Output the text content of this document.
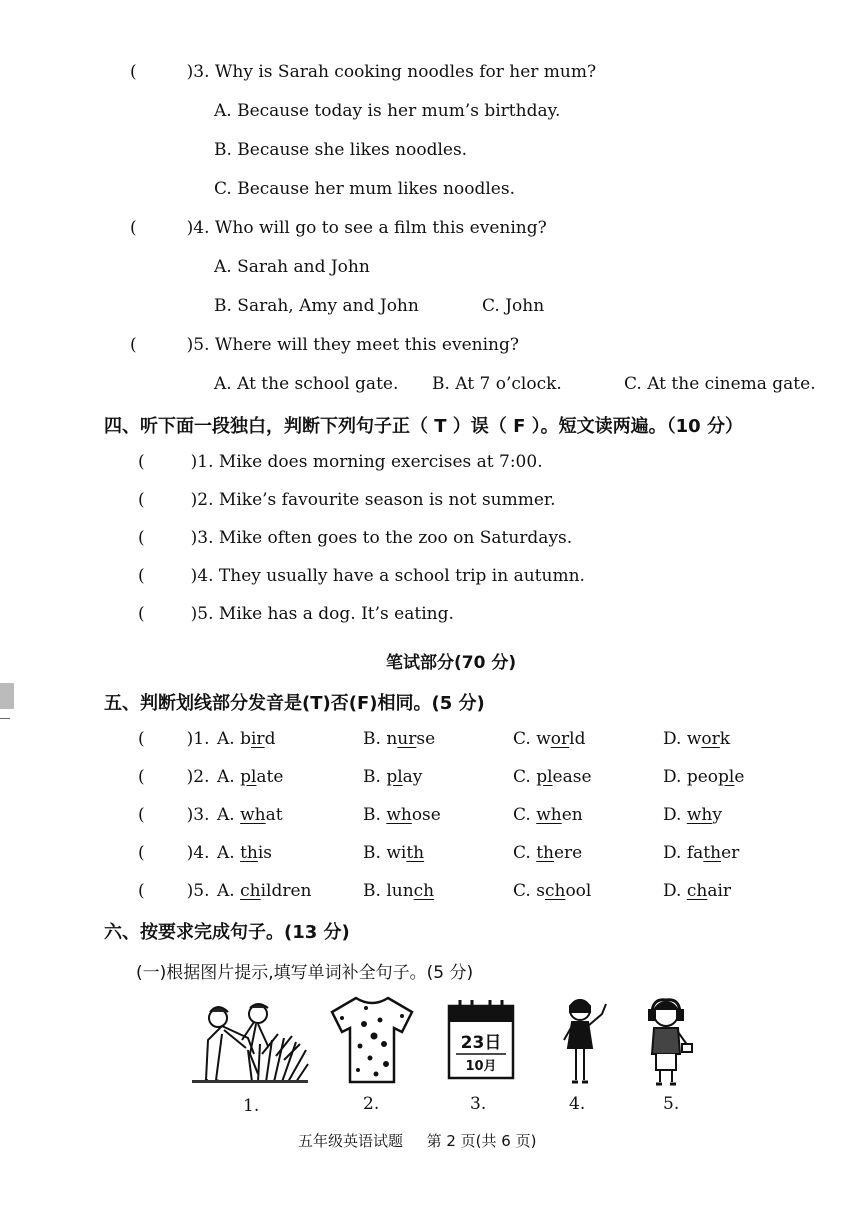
(	)3. Why is Sarah cooking noodles for her mum?
A. Because today is her mum’s birthday.
B. Because she likes noodles.
C. Because her mum likes noodles.
(	)4. Who will go to see a film this evening?
A. Sarah and John
B. Sarah, Amy and John	C. John
(	)5. Where will they meet this evening?
A. At the school gate. B. At 7 o’clock.	C. At the cinema gate.
四、听下面一段独白，判断下列句子正（ T ）误（ F ）。短文读两遍。（10 分）
(	)1. Mike does morning exercises at 7:00.
(	)2. Mike’s favourite season is not summer.
(	)3. Mike often goes to the zoo on Saturdays.
(	)4. They usually have a school trip in autumn.
(	)5. Mike has a dog. It’s eating.
笔试部分(70 分)
五、判断划线部分发音是(T)否(F)相同。(5 分)
( )1. A. bird	B. nurse	C. world	D. work
( )2. A. plate	B. play	C. please	D. people
( )3. A. what	B. whose	C. when	D. why
( )4. A. this	B. with	C. there	D. father
( )5. A. children	B. lunch	C. school	D. chair
六、按要求完成句子。(13 分)
(一)根据图片提示,填写单词补全句子。(5 分)
23日
10月
1.	2.	3.	4.	5.
五年级英语试题 第 2 页(共 6 页)
